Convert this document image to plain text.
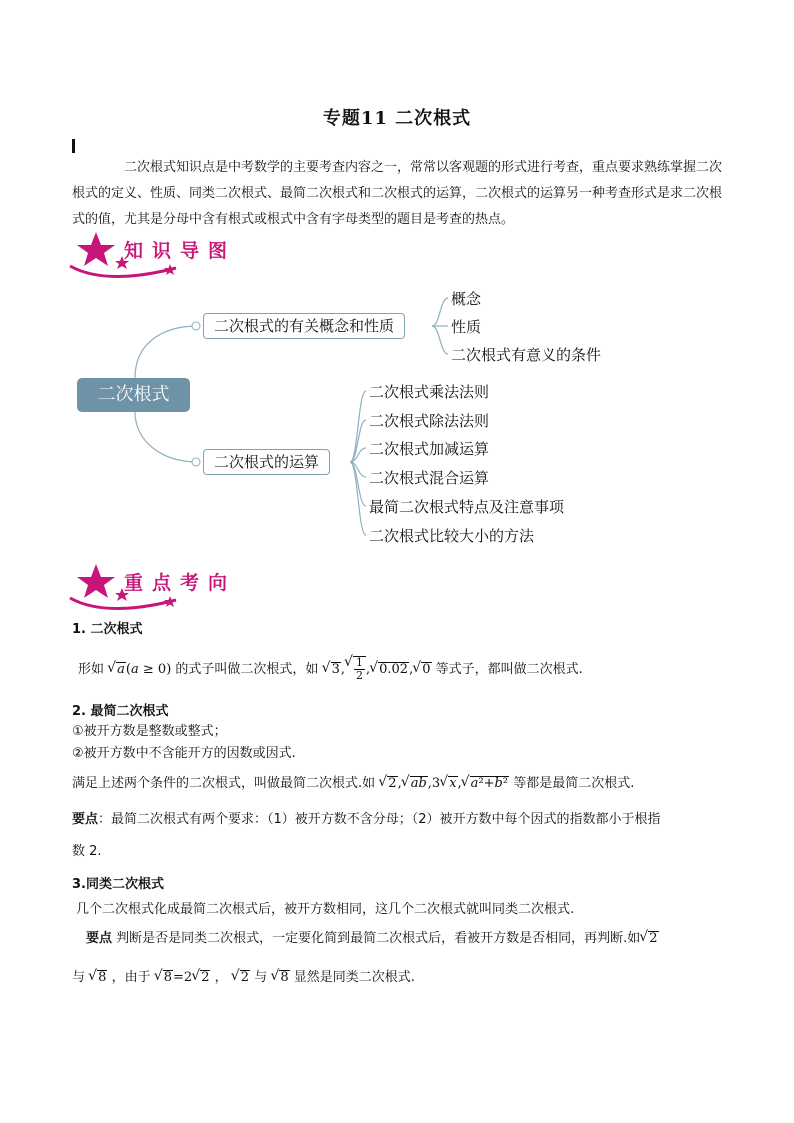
专题11 二次根式
二次根式知识点是中考数学的主要考查内容之一，常常以客观题的形式进行考查，重点要求熟练掌握二次根式的定义、性质、同类二次根式、最简二次根式和二次根式的运算，二次根式的运算另一种考查形式是求二次根式的值，尤其是分母中含有根式或根式中含有字母类型的题目是考查的热点。
知识导图
二次根式
二次根式的有关概念和性质
二次根式的运算
概念
性质
二次根式有意义的条件
二次根式乘法法则
二次根式除法法则
二次根式加减运算
二次根式混合运算
最简二次根式特点及注意事项
二次根式比较大小的方法
重点考向
1. 二次根式
形如 √ a(a ≥ 0) 的式子叫做二次根式，如 √ 3, √ $\frac{1}{2}$ , √ 0.02, √ 0 等式子，都叫做二次根式.
2. 最简二次根式
①被开方数是整数或整式；
②被开方数中不含能开方的因数或因式.
满足上述两个条件的二次根式，叫做最简二次根式.如 √ 2, √ ab,3 √ x, √ a²+b² 等都是最简二次根式.
要点：最简二次根式有两个要求：（1）被开方数不含分母；（2）被开方数中每个因式的指数都小于根指
数 2.
3.同类二次根式
几个二次根式化成最简二次根式后，被开方数相同，这几个二次根式就叫同类二次根式.
要点 判断是否是同类二次根式，一定要化简到最简二次根式后，看被开方数是否相同，再判断.如 √ 2
与 √ 8 ，由于 √ 8=2 √ 2 ， √ 2 与 √ 8 显然是同类二次根式.
